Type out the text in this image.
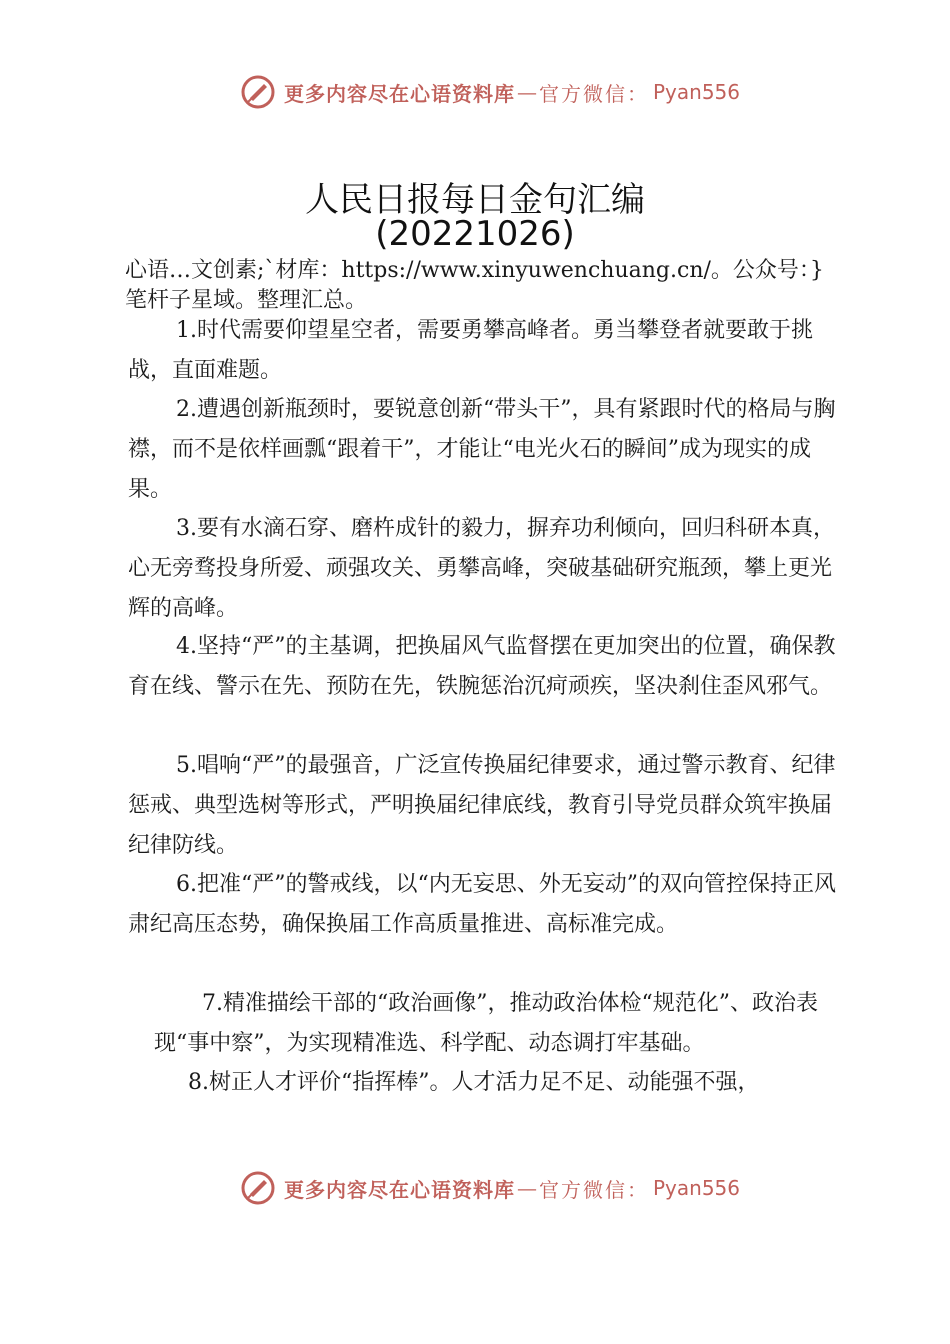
更多内容尽在心语资料库 — 官方微信： Pyan556
人民日报每日金句汇编
(20221026)
心语…文创素;`材库：https://www.xinyuwenchuang.cn/。公众号：}笔杆子星域。整理汇总。
1.时代需要仰望星空者，需要勇攀高峰者。勇当攀登者就要敢于挑战，直面难题。
2.遭遇创新瓶颈时，要锐意创新“带头干”，具有紧跟时代的格局与胸襟，而不是依样画瓢“跟着干”，才能让“电光火石的瞬间”成为现实的成果。
3.要有水滴石穿、磨杵成针的毅力，摒弃功利倾向，回归科研本真，心无旁骛投身所爱、顽强攻关、勇攀高峰，突破基础研究瓶颈，攀上更光辉的高峰。
4.坚持“严”的主基调，把换届风气监督摆在更加突出的位置，确保教育在线、警示在先、预防在先，铁腕惩治沉疴顽疾，坚决刹住歪风邪气。
5.唱响“严”的最强音，广泛宣传换届纪律要求，通过警示教育、纪律惩戒、典型选树等形式，严明换届纪律底线，教育引导党员群众筑牢换届纪律防线。
6.把准“严”的警戒线，以“内无妄思、外无妄动”的双向管控保持正风肃纪高压态势，确保换届工作高质量推进、高标准完成。
7.精准描绘干部的“政治画像”，推动政治体检“规范化”、政治表现“事中察”，为实现精准选、科学配、动态调打牢基础。
8.树正人才评价“指挥棒”。人才活力足不足、动能强不强，
更多内容尽在心语资料库 — 官方微信： Pyan556
